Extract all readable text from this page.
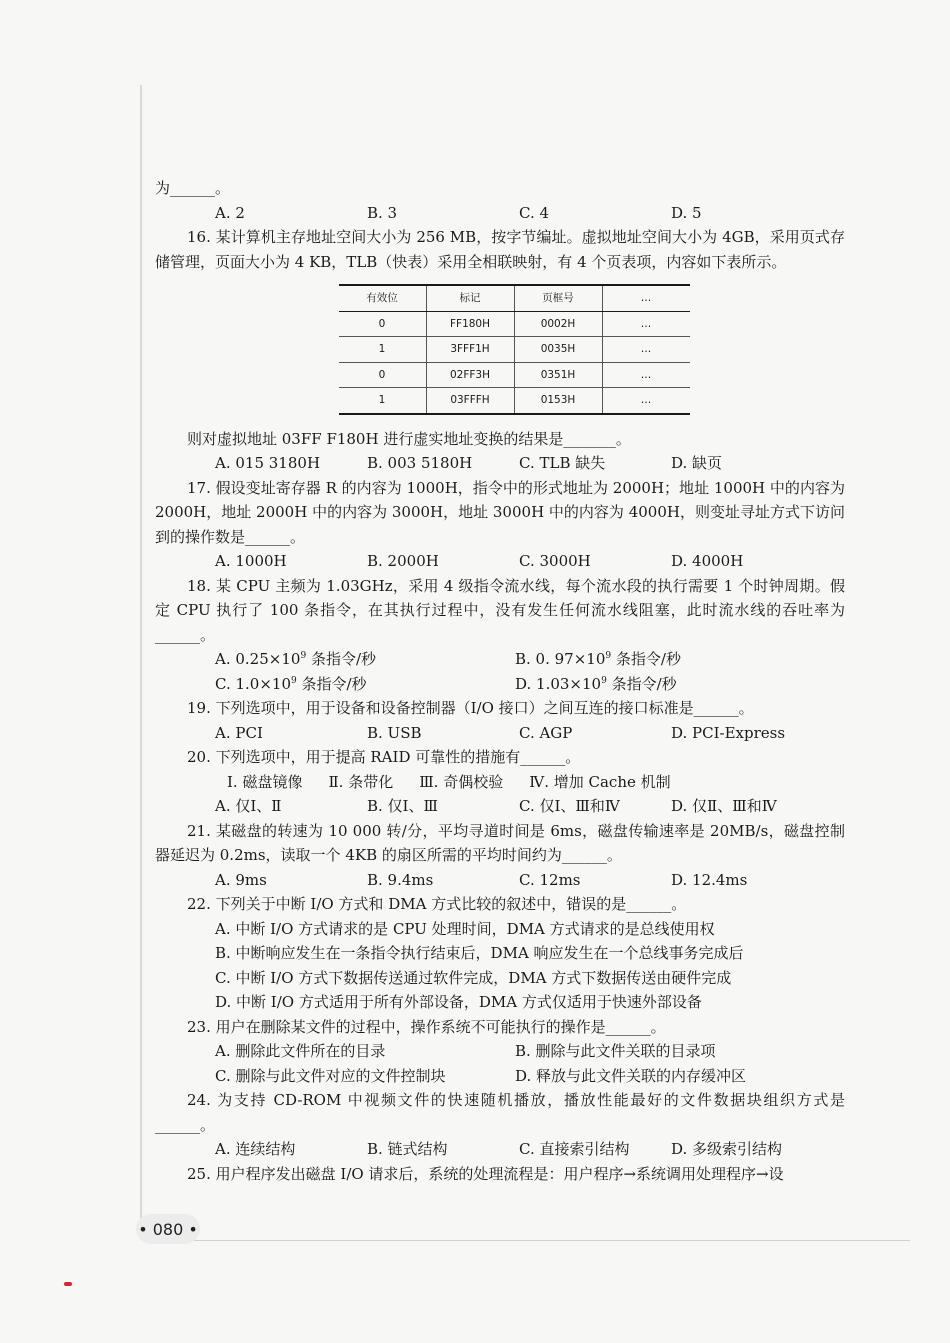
为______。

A. 2	B. 3	C. 4	D. 5

16. 某计算机主存地址空间大小为 256 MB，按字节编址。虚拟地址空间大小为 4GB，采用页式存储管理，页面大小为 4 KB，TLB（快表）采用全相联映射，有 4 个页表项，内容如下表所示。

有效位	标记	页框号	…
0	FF180H	0002H	…
1	3FFF1H	0035H	…
0	02FF3H	0351H	…
1	03FFFH	0153H	…

则对虚拟地址 03FF F180H 进行虚实地址变换的结果是_______。

A. 015 3180H	B. 003 5180H	C. TLB 缺失	D. 缺页

17. 假设变址寄存器 R 的内容为 1000H，指令中的形式地址为 2000H；地址 1000H 中的内容为 2000H，地址 2000H 中的内容为 3000H，地址 3000H 中的内容为 4000H，则变址寻址方式下访问到的操作数是______。

A. 1000H	B. 2000H	C. 3000H	D. 4000H

18. 某 CPU 主频为 1.03GHz，采用 4 级指令流水线，每个流水段的执行需要 1 个时钟周期。假定 CPU 执行了 100 条指令，在其执行过程中，没有发生任何流水线阻塞，此时流水线的吞吐率为______。

A. $0.25\times 10^9$ 条指令/秒	B. 0. $97\times 10^9$ 条指令/秒
C. $1.0\times 10^9$ 条指令/秒	D. $1.03\times 10^9$ 条指令/秒

19. 下列选项中，用于设备和设备控制器（I/O 接口）之间互连的接口标准是______。

A. PCI	B. USB	C. AGP	D. PCI-Express

20. 下列选项中，用于提高 RAID 可靠性的措施有______。

Ⅰ. 磁盘镜像 Ⅱ. 条带化 Ⅲ. 奇偶校验 Ⅳ. 增加 Cache 机制
A. 仅Ⅰ、Ⅱ	B. 仅Ⅰ、Ⅲ	C. 仅Ⅰ、Ⅲ和Ⅳ	D. 仅Ⅱ、Ⅲ和Ⅳ

21. 某磁盘的转速为 10 000 转/分，平均寻道时间是 6ms，磁盘传输速率是 20MB/s，磁盘控制器延迟为 0.2ms，读取一个 4KB 的扇区所需的平均时间约为______。

A. 9ms	B. 9.4ms	C. 12ms	D. 12.4ms

22. 下列关于中断 I/O 方式和 DMA 方式比较的叙述中，错误的是______。

A. 中断 I/O 方式请求的是 CPU 处理时间，DMA 方式请求的是总线使用权

B. 中断响应发生在一条指令执行结束后，DMA 响应发生在一个总线事务完成后

C. 中断 I/O 方式下数据传送通过软件完成，DMA 方式下数据传送由硬件完成

D. 中断 I/O 方式适用于所有外部设备，DMA 方式仅适用于快速外部设备

23. 用户在删除某文件的过程中，操作系统不可能执行的操作是______。

A. 删除此文件所在的目录	B. 删除与此文件关联的目录项
C. 删除与此文件对应的文件控制块	D. 释放与此文件关联的内存缓冲区

24. 为支持 CD-ROM 中视频文件的快速随机播放，播放性能最好的文件数据块组织方式是______。

A. 连续结构	B. 链式结构	C. 直接索引结构	D. 多级索引结构

25. 用户程序发出磁盘 I/O 请求后，系统的处理流程是：用户程序→系统调用处理程序→设

• 080 •
